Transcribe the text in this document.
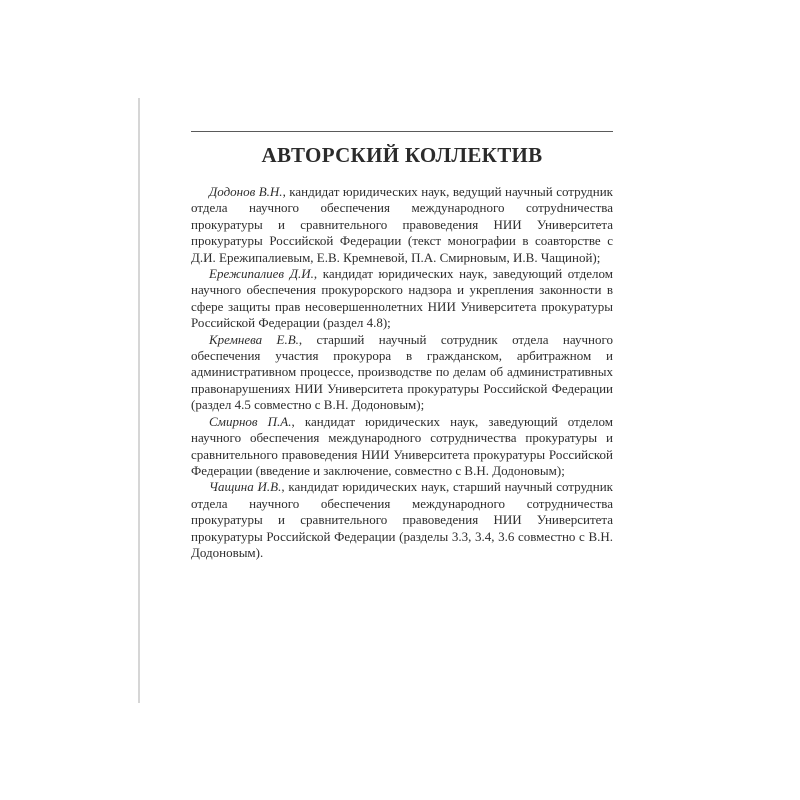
АВТОРСКИЙ КОЛЛЕКТИВ

Додонов В.Н., кандидат юридических наук, ведущий научный сотрудник отдела научного обеспечения международного сотруdничества прокуратуры и сравнительного правоведения НИИ Университета прокуратуры Российской Федерации (текст монографии в соавторстве с Д.И. Ережипалиевым, Е.В. Кремневой, П.А. Смирновым, И.В. Чащиной);

Ережипалиев Д.И., кандидат юридических наук, заведующий отделом научного обеспечения прокурорского надзора и укрепления законности в сфере защиты прав несовершеннолетних НИИ Университета прокуратуры Российской Федерации (раздел 4.8);

Кремнева Е.В., старший научный сотрудник отдела научного обеспечения участия прокурора в гражданском, арбитражном и административном процессе, производстве по делам об административных правонарушениях НИИ Университета прокуратуры Российской Федерации (раздел 4.5 совместно с В.Н. Додоновым);

Смирнов П.А., кандидат юридических наук, заведующий отделом научного обеспечения международного сотрудничества прокуратуры и сравнительного правоведения НИИ Университета прокуратуры Российской Федерации (введение и заключение, совместно с В.Н. Додоновым);

Чащина И.В., кандидат юридических наук, старший научный сотрудник отдела научного обеспечения международного сотрудничества прокуратуры и сравнительного правоведения НИИ Университета прокуратуры Российской Федерации (разделы 3.3, 3.4, 3.6 совместно с В.Н. Додоновым).
